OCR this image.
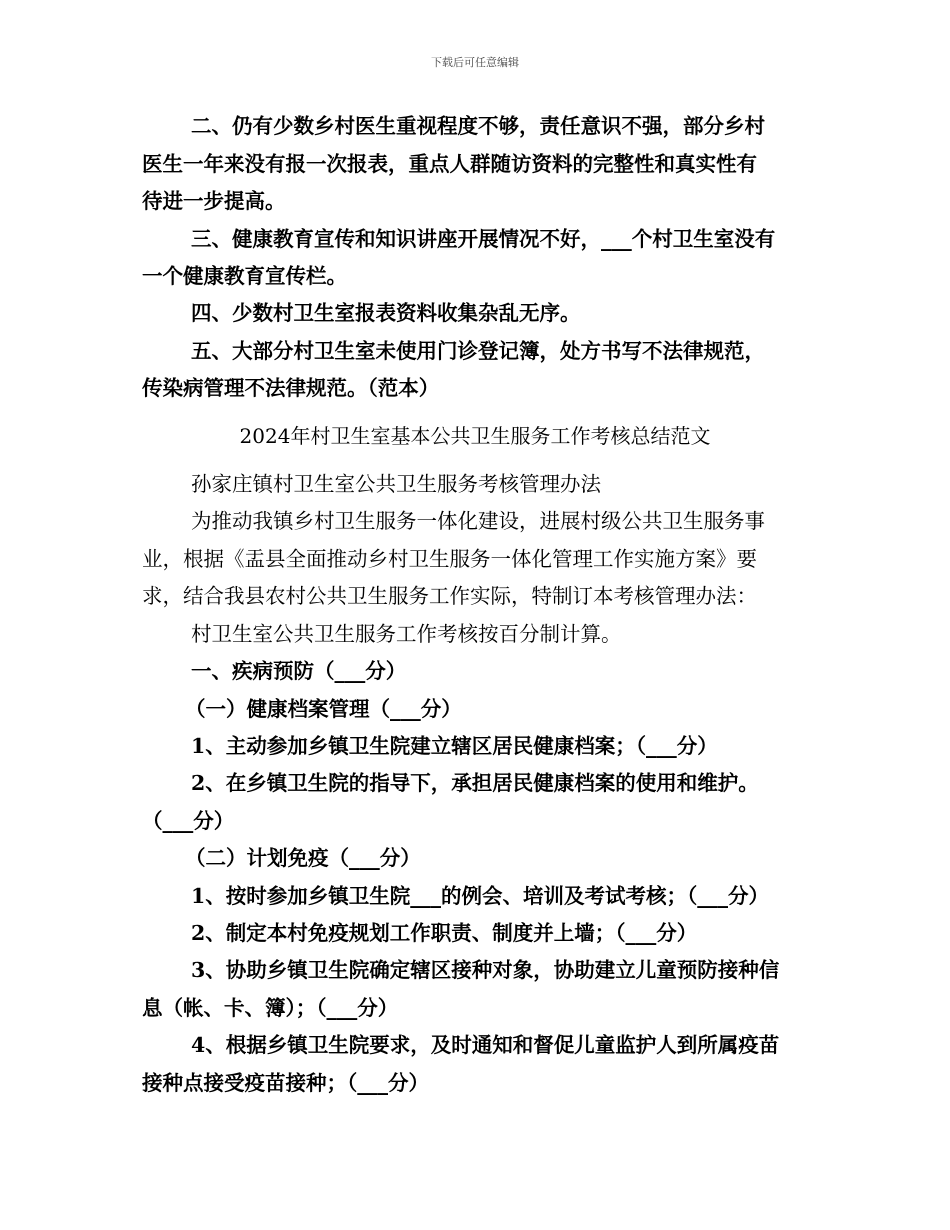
下载后可任意编辑
二、仍有少数乡村医生重视程度不够，责任意识不强，部分乡村
医生一年来没有报一次报表，重点人群随访资料的完整性和真实性有
待进一步提高。
三、健康教育宣传和知识讲座开展情况不好，___个村卫生室没有
一个健康教育宣传栏。
四、少数村卫生室报表资料收集杂乱无序。
五、大部分村卫生室未使用门诊登记簿，处方书写不法律规范，
传染病管理不法律规范。（范本）
2024年村卫生室基本公共卫生服务工作考核总结范文
孙家庄镇村卫生室公共卫生服务考核管理办法
为推动我镇乡村卫生服务一体化建设，进展村级公共卫生服务事
业，根据《盂县全面推动乡村卫生服务一体化管理工作实施方案》要
求，结合我县农村公共卫生服务工作实际，特制订本考核管理办法：
村卫生室公共卫生服务工作考核按百分制计算。
一、疾病预防（___分）
（一）健康档案管理（___分）
1、主动参加乡镇卫生院建立辖区居民健康档案；（___分）
2、在乡镇卫生院的指导下，承担居民健康档案的使用和维护。
（___分）
（二）计划免疫（___分）
1、按时参加乡镇卫生院___的例会、培训及考试考核；（___分）
2、制定本村免疫规划工作职责、制度并上墙；（___分）
3、协助乡镇卫生院确定辖区接种对象，协助建立儿童预防接种信
息（帐、卡、簿）；（___分）
4、根据乡镇卫生院要求，及时通知和督促儿童监护人到所属疫苗
接种点接受疫苗接种；（___分）
